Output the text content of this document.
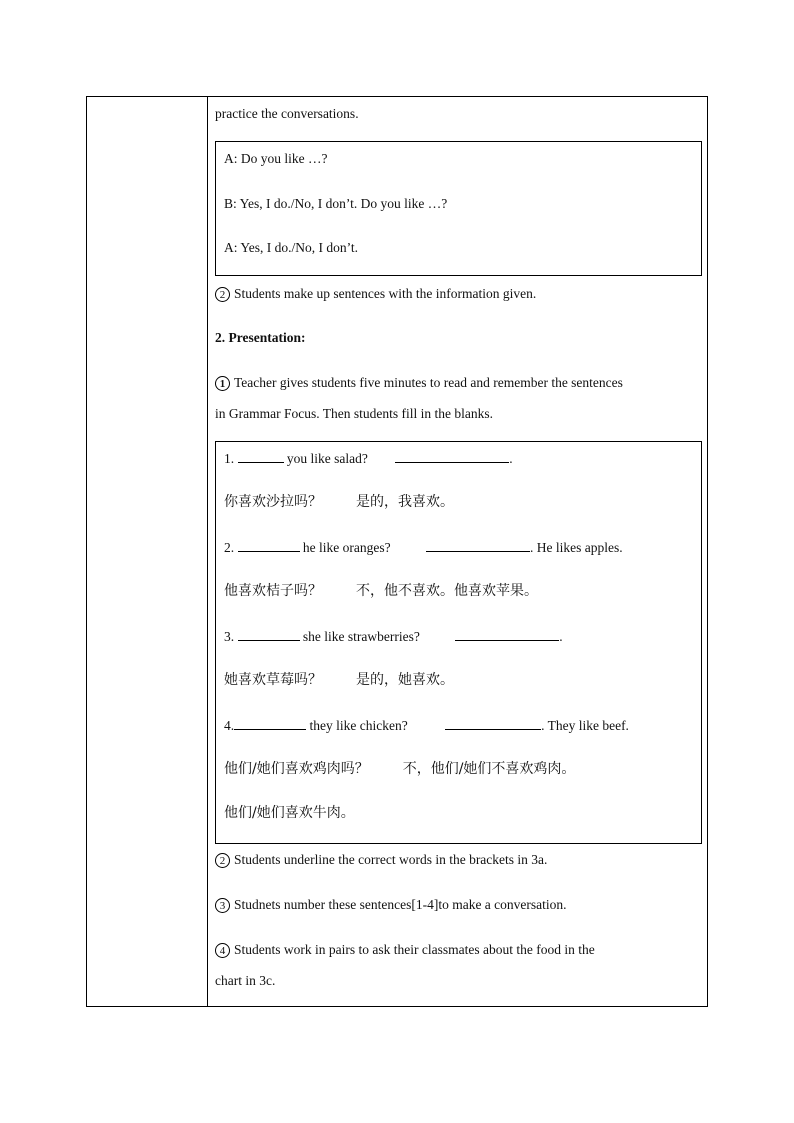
practice the conversations.
A: Do you like …?
B: Yes, I do./No, I don’t. Do you like …?
A: Yes, I do./No, I don’t.
2 Students make up sentences with the information given.
2. Presentation:
1 Teacher gives students five minutes to read and remember the sentences
in Grammar Focus. Then students fill in the blanks.
1.	you like salad?	.
你喜欢沙拉吗？ 是的，我喜欢。
2.	he like oranges?	. He likes apples.
他喜欢桔子吗？ 不，他不喜欢。他喜欢苹果。
3.	she like strawberries?	.
她喜欢草莓吗？ 是的，她喜欢。
4.	they like chicken?	. They like beef.
他们/她们喜欢鸡肉吗？ 不，他们/她们不喜欢鸡肉。
他们/她们喜欢牛肉。
2 Students underline the correct words in the brackets in 3a.
3 Studnets number these sentences[1-4]to make a conversation.
4 Students work in pairs to ask their classmates about the food in the
chart in 3c.
